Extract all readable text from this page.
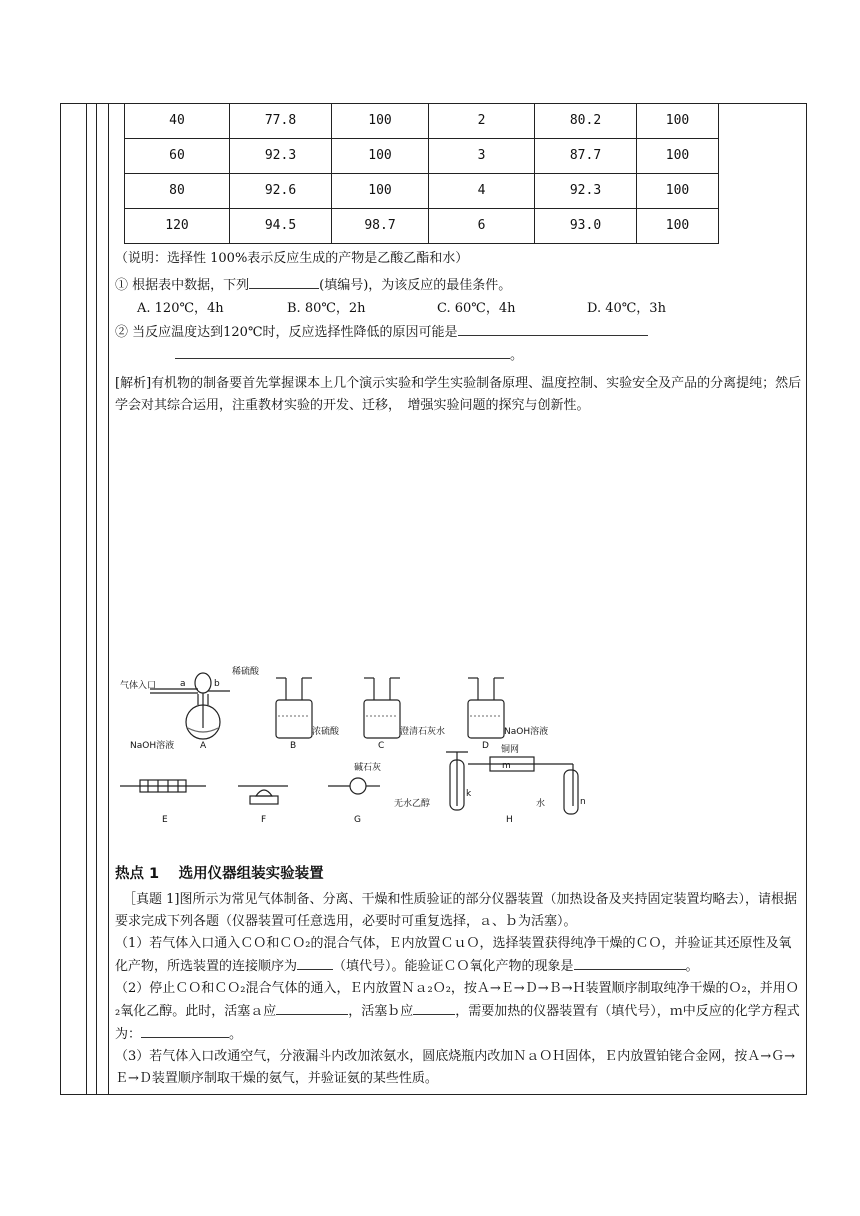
40	77.8	100	2	80.2	100
60	92.3	100	3	87.7	100
80	92.6	100	4	92.3	100
120	94.5	98.7	6	93.0	100

（说明：选择性 100%表示反应生成的产物是乙酸乙酯和水）

① 根据表中数据，下列	(填编号)，为该反应的最佳条件。

A. 120℃，4h	B. 80℃，2h	C. 60℃，4h	D. 40℃，3h

② 当反应温度达到120℃时，反应选择性降低的原因可能是

。

[解析]有机物的制备要首先掌握课本上几个演示实验和学生实验制备原理、温度控制、实验安全及产品的分离提纯；然后学会对其综合运用，注重教材实验的开发、迁移，　增强实验问题的探究与创新性。

热点 1　 选用仪器组装实验装置

［真题 1]图所示为常见气体制备、分离、干燥和性质验证的部分仪器装置（加热设备及夹持固定装置均略去），请根据要求完成下列各题（仪器装置可任意选用，必要时可重复选择，ａ、ｂ为活塞）。

（1）若气体入口通入ＣＯ和ＣＯ₂的混合气体，Ｅ内放置ＣｕＯ，选择装置获得纯净干燥的ＣＯ，并验证其还原性及氧化产物，所选装置的连接顺序为	（填代号）。能验证ＣＯ氧化产物的现象是	。

（2）停止ＣＯ和ＣＯ₂混合气体的通入，Ｅ内放置Ｎａ₂Ｏ₂，按Ａ→Ｅ→Ｄ→Ｂ→Ｈ装置顺序制取纯净干燥的Ｏ₂，并用Ｏ₂氧化乙醇。此时，活塞ａ应	，活塞ｂ应	，需要加热的仪器装置有（填代号），ｍ中反应的化学方程式为：	。

（3）若气体入口改通空气，分液漏斗内改加浓氨水，圆底烧瓶内改加ＮａＯＨ固体，Ｅ内放置铂铑合金网，按Ａ→Ｇ→Ｅ→Ｄ装置顺序制取干燥的氨气，并验证氨的某些性质。

气体入口	a	b
稀硫酸
NaOH溶液
浓硫酸	澄清石灰水	NaOH溶液
碱石灰
铜网
无水乙醇	水
k
m
n
A	B	C	D
E	F	G	H
